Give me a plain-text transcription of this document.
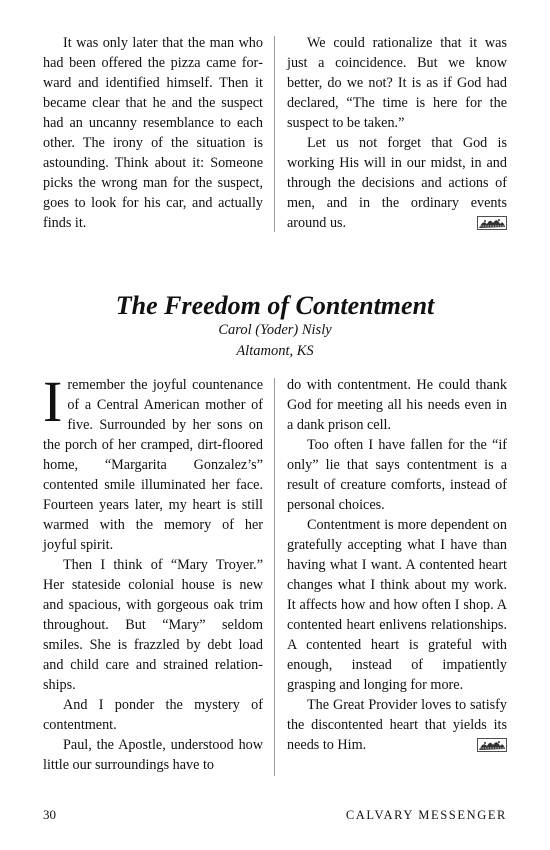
It was only later that the man who had been offered the pizza came forward and identified himself. Then it became clear that he and the suspect had an uncanny resemblance to each other. The irony of the situation is astounding. Think about it: Someone picks the wrong man for the suspect, goes to look for his car, and actually finds it.

We could rationalize that it was just a coincidence. But we know better, do we not? It is as if God had declared, “The time is here for the suspect to be taken.”

Let us not forget that God is working His will in our midst, in and through the decisions and actions of men, and in the ordinary events around us.

The Freedom of Contentment
Carol (Yoder) Nisly
Altamont, KS

Iremember the joyful countenance of a Central American mother of five. Surrounded by her sons on the porch of her cramped, dirt-floored home, “Margarita Gonzalez’s” contented smile illuminated her face. Fourteen years later, my heart is still warmed with the memory of her joyful spirit.

Then I think of “Mary Troyer.” Her stateside colonial house is new and spacious, with gorgeous oak trim throughout. But “Mary” seldom smiles. She is frazzled by debt load and child care and strained relationships.

And I ponder the mystery of contentment.

Paul, the Apostle, understood how little our surroundings have to

do with contentment. He could thank God for meeting all his needs even in a dank prison cell.

Too often I have fallen for the “if only” lie that says contentment is a result of creature comforts, instead of personal choices.

Contentment is more dependent on gratefully accepting what I have than having what I want. A contented heart changes what I think about my work. It affects how and how often I shop. A contented heart enlivens relationships. A contented heart is grateful with enough, instead of impatiently grasping and longing for more.

The Great Provider loves to satisfy the discontented heart that yields its needs to Him.

30	CALVARY MESSENGER
